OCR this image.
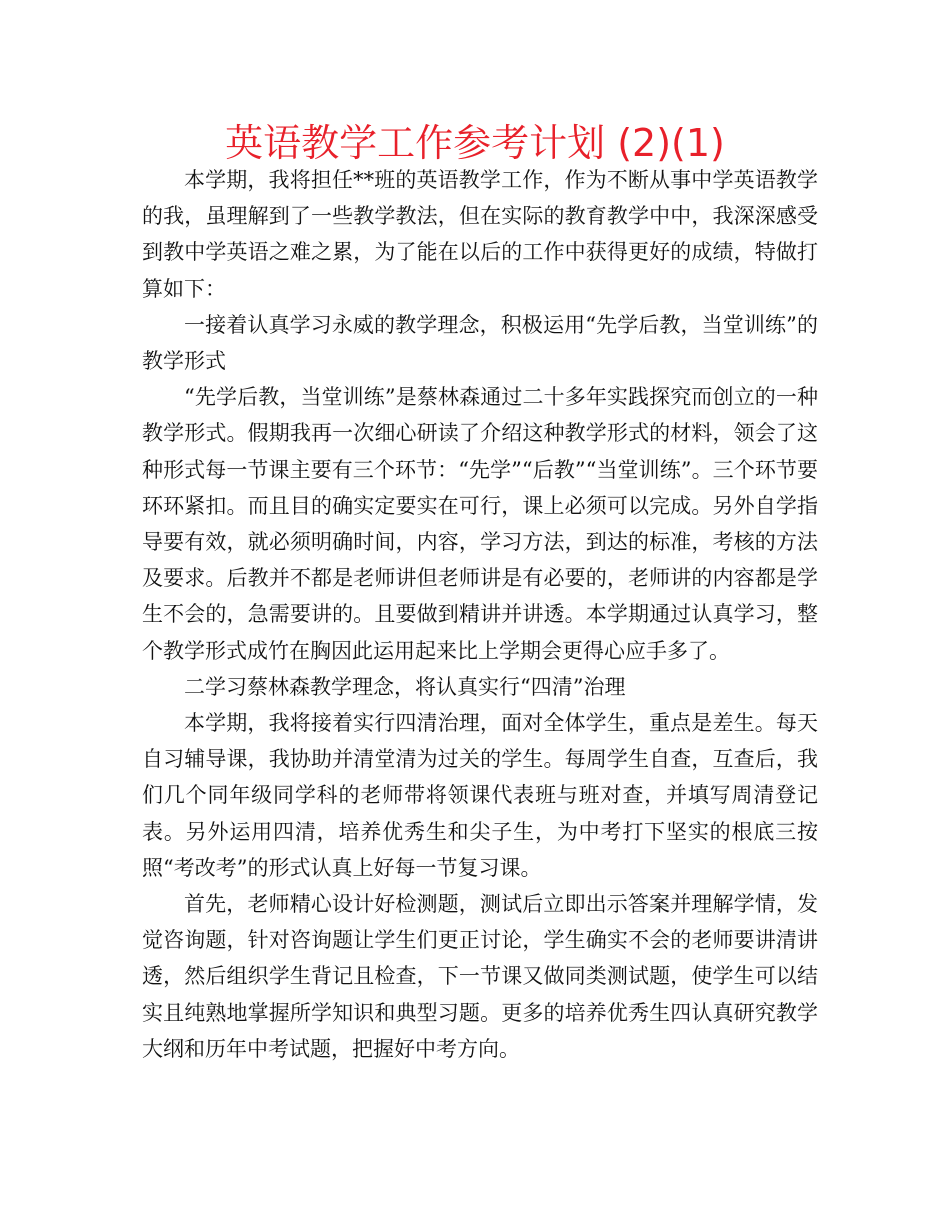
英语教学工作参考计划 (2)(1)

本学期，我将担任**班的英语教学工作，作为不断从事中学英语教学的我，虽理解到了一些教学教法，但在实际的教育教学中中，我深深感受到教中学英语之难之累，为了能在以后的工作中获得更好的成绩，特做打算如下：

一接着认真学习永威的教学理念，积极运用“先学后教，当堂训练”的教学形式

“先学后教，当堂训练”是蔡林森通过二十多年实践探究而创立的一种教学形式。假期我再一次细心研读了介绍这种教学形式的材料，领会了这种形式每一节课主要有三个环节：“先学”“后教”“当堂训练”。三个环节要环环紧扣。而且目的确实定要实在可行，课上必须可以完成。另外自学指导要有效，就必须明确时间，内容，学习方法，到达的标准，考核的方法及要求。后教并不都是老师讲但老师讲是有必要的，老师讲的内容都是学生不会的，急需要讲的。且要做到精讲并讲透。本学期通过认真学习，整个教学形式成竹在胸因此运用起来比上学期会更得心应手多了。

二学习蔡林森教学理念，将认真实行“四清”治理

本学期，我将接着实行四清治理，面对全体学生，重点是差生。每天自习辅导课，我协助并清堂清为过关的学生。每周学生自查，互查后，我们几个同年级同学科的老师带将领课代表班与班对查，并填写周清登记表。另外运用四清，培养优秀生和尖子生，为中考打下坚实的根底三按照“考改考”的形式认真上好每一节复习课。

首先，老师精心设计好检测题，测试后立即出示答案并理解学情，发觉咨询题，针对咨询题让学生们更正讨论，学生确实不会的老师要讲清讲透，然后组织学生背记且检查，下一节课又做同类测试题，使学生可以结实且纯熟地掌握所学知识和典型习题。更多的培养优秀生四认真研究教学大纲和历年中考试题，把握好中考方向。
